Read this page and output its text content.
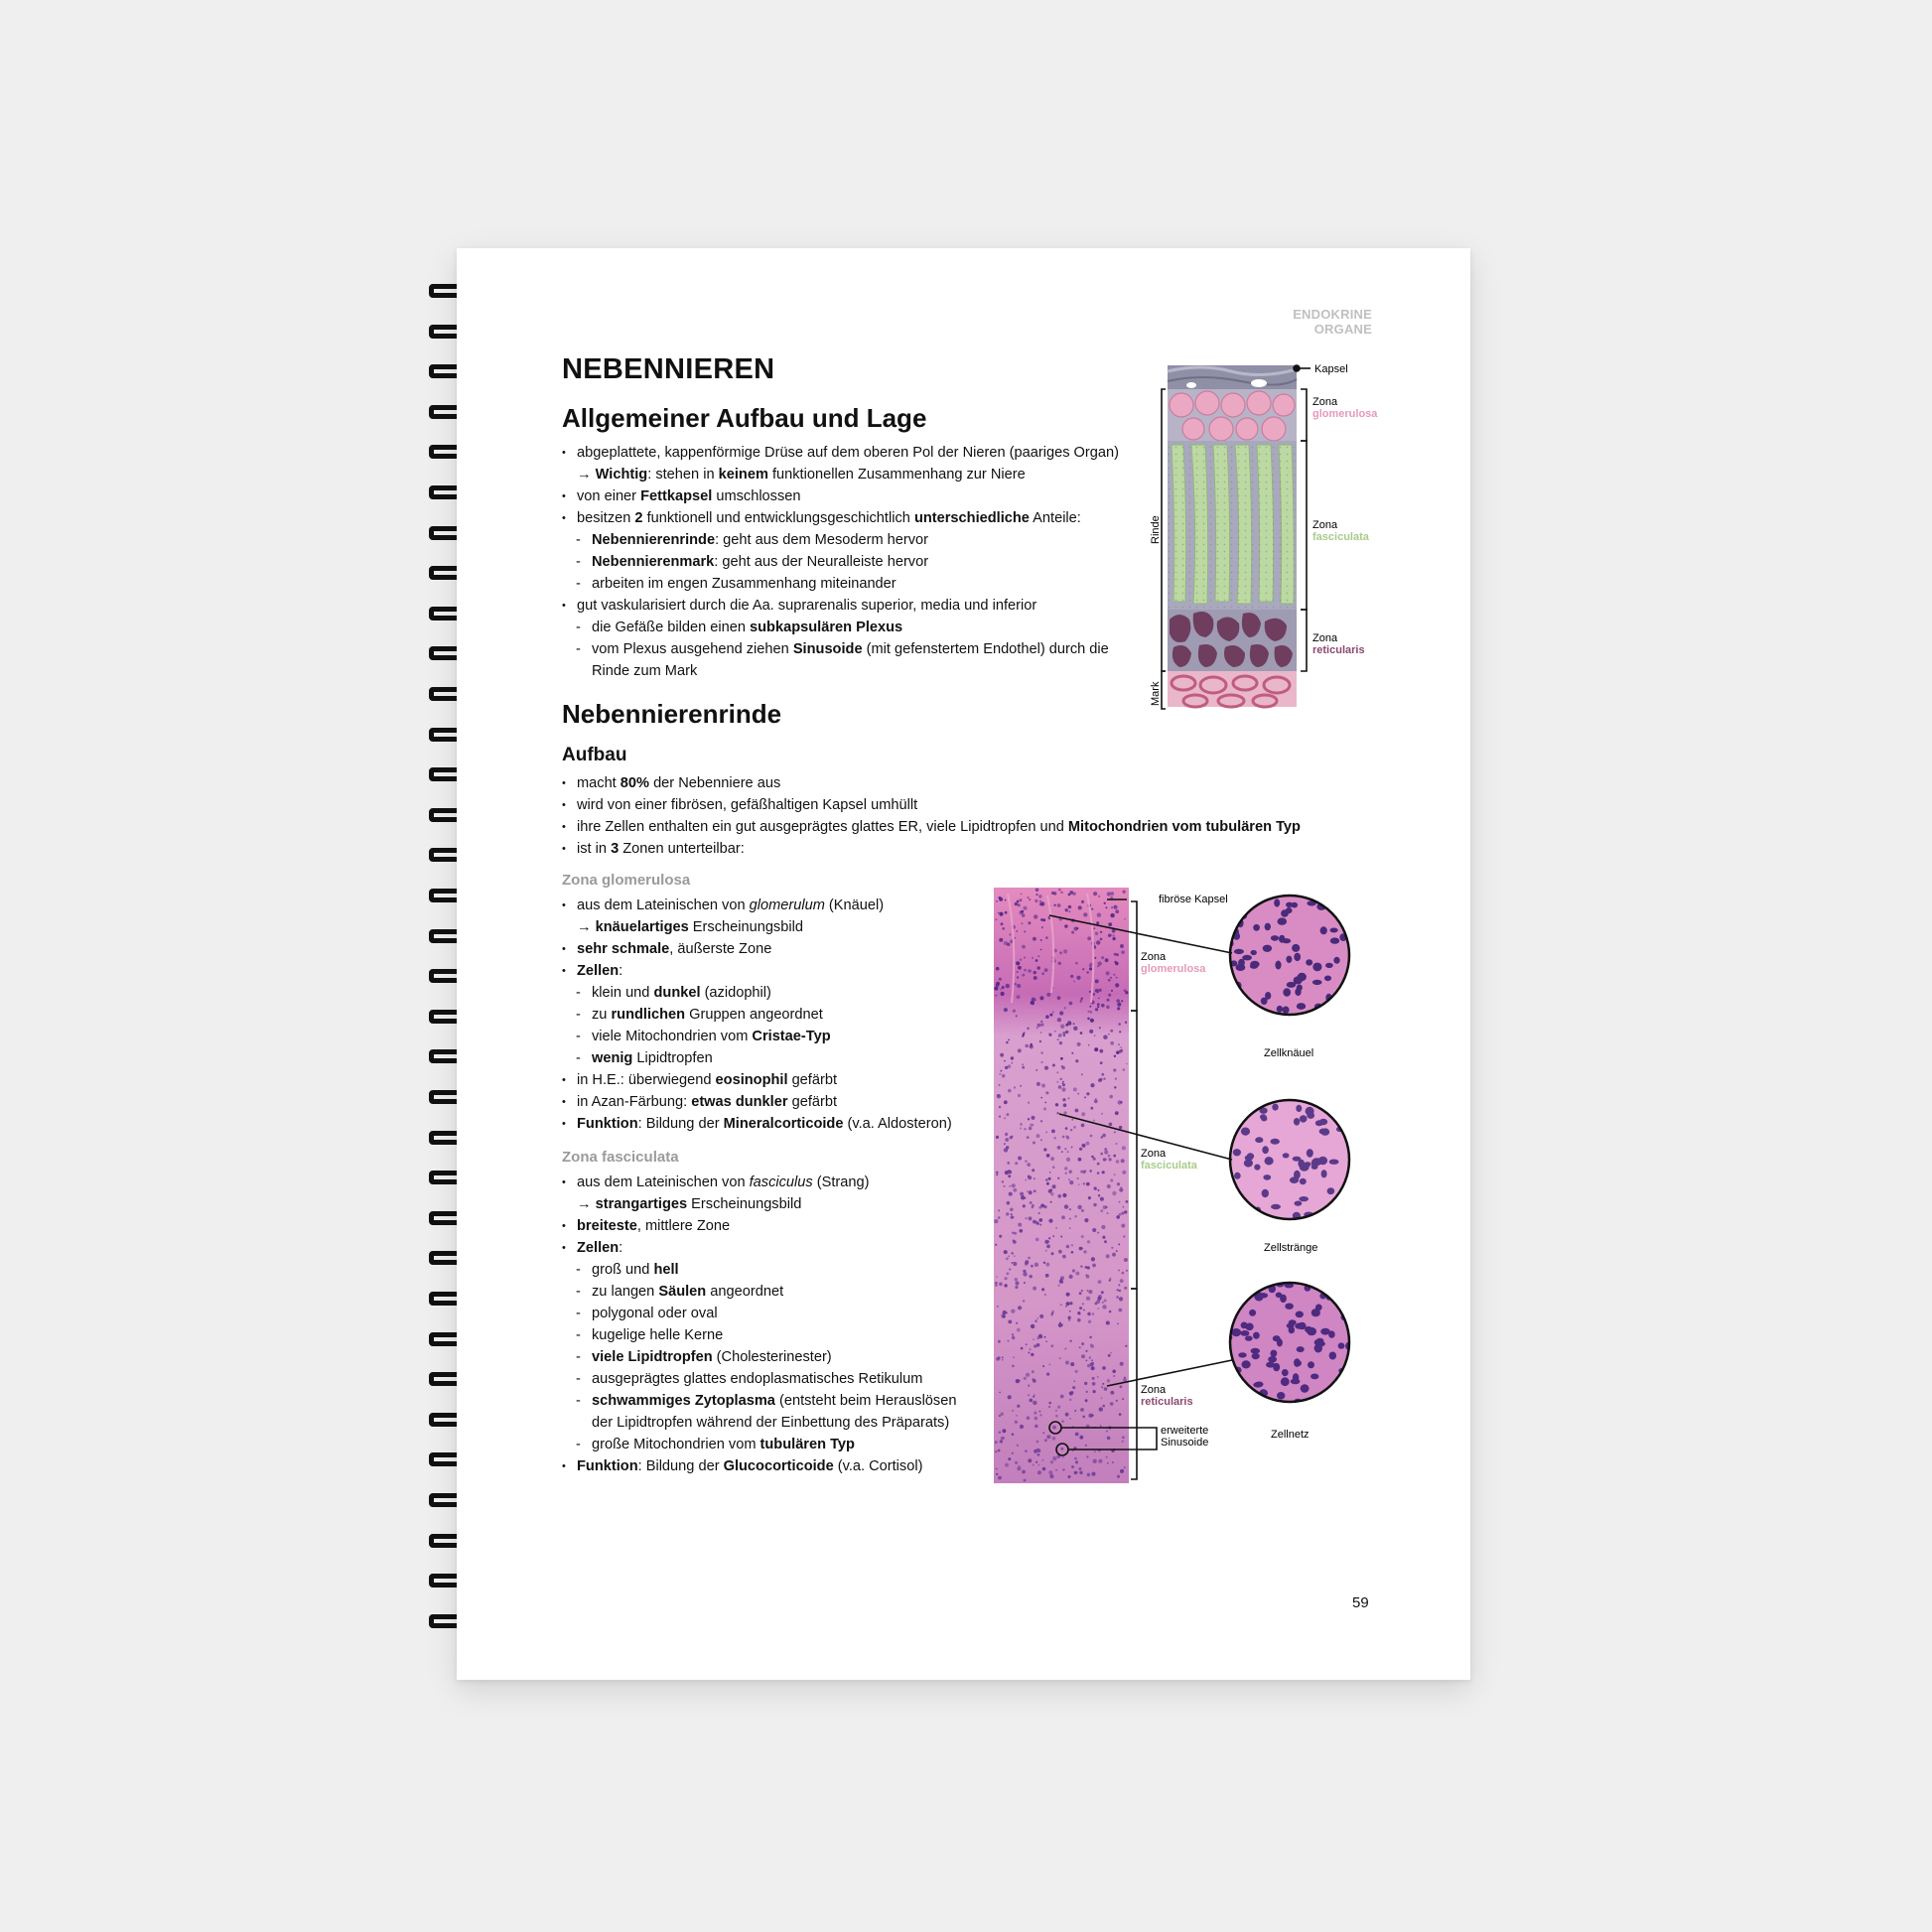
ENDOKRINE ORGANE
NEBENNIEREN
Allgemeiner Aufbau und Lage
• abgeplattete, kappenförmige Drüse auf dem oberen Pol der Nieren (paariges Organ)
→ Wichtig: stehen in keinem funktionellen Zusammenhang zur Niere
• von einer Fettkapsel umschlossen
• besitzen 2 funktionell und entwicklungsgeschichtlich unterschiedliche Anteile:
- Nebennierenrinde: geht aus dem Mesoderm hervor
- Nebennierenmark: geht aus der Neuralleiste hervor
- arbeiten im engen Zusammenhang miteinander
• gut vaskularisiert durch die Aa. suprarenalis superior, media und inferior
- die Gefäße bilden einen subkapsulären Plexus
- vom Plexus ausgehend ziehen Sinusoide (mit gefenstertem Endothel) durch die
Rinde zum Mark
Nebennierenrinde
Aufbau
• macht 80% der Nebenniere aus
• wird von einer fibrösen, gefäßhaltigen Kapsel umhüllt
• ihre Zellen enthalten ein gut ausgeprägtes glattes ER, viele Lipidtropfen und Mitochondrien vom tubulären Typ
• ist in 3 Zonen unterteilbar:
Zona glomerulosa
• aus dem Lateinischen von glomerulum (Knäuel)
→ knäuelartiges Erscheinungsbild
• sehr schmale, äußerste Zone
• Zellen:
- klein und dunkel (azidophil)
- zu rundlichen Gruppen angeordnet
- viele Mitochondrien vom Cristae-Typ
- wenig Lipidtropfen
• in H.E.: überwiegend eosinophil gefärbt
• in Azan-Färbung: etwas dunkler gefärbt
• Funktion: Bildung der Mineralcorticoide (v.a. Aldosteron)
Zona fasciculata
• aus dem Lateinischen von fasciculus (Strang)
→ strangartiges Erscheinungsbild
• breiteste, mittlere Zone
• Zellen:
- groß und hell
- zu langen Säulen angeordnet
- polygonal oder oval
- kugelige helle Kerne
- viele Lipidtropfen (Cholesterinester)
- ausgeprägtes glattes endoplasmatisches Retikulum
- schwammiges Zytoplasma (entsteht beim Herauslösen
der Lipidtropfen während der Einbettung des Präparats)
- große Mitochondrien vom tubulären Typ
• Funktion: Bildung der Glucocorticoide (v.a. Cortisol)
59
Kapsel
Zona
glomerulosa
Zona
fasciculata
Zona
reticularis
Rinde
Mark
fibröse Kapsel
Zona
glomerulosa
Zona
fasciculata
Zona
reticularis
erweiterte
Sinusoide
Zellknäuel
Zellstränge
Zellnetz
